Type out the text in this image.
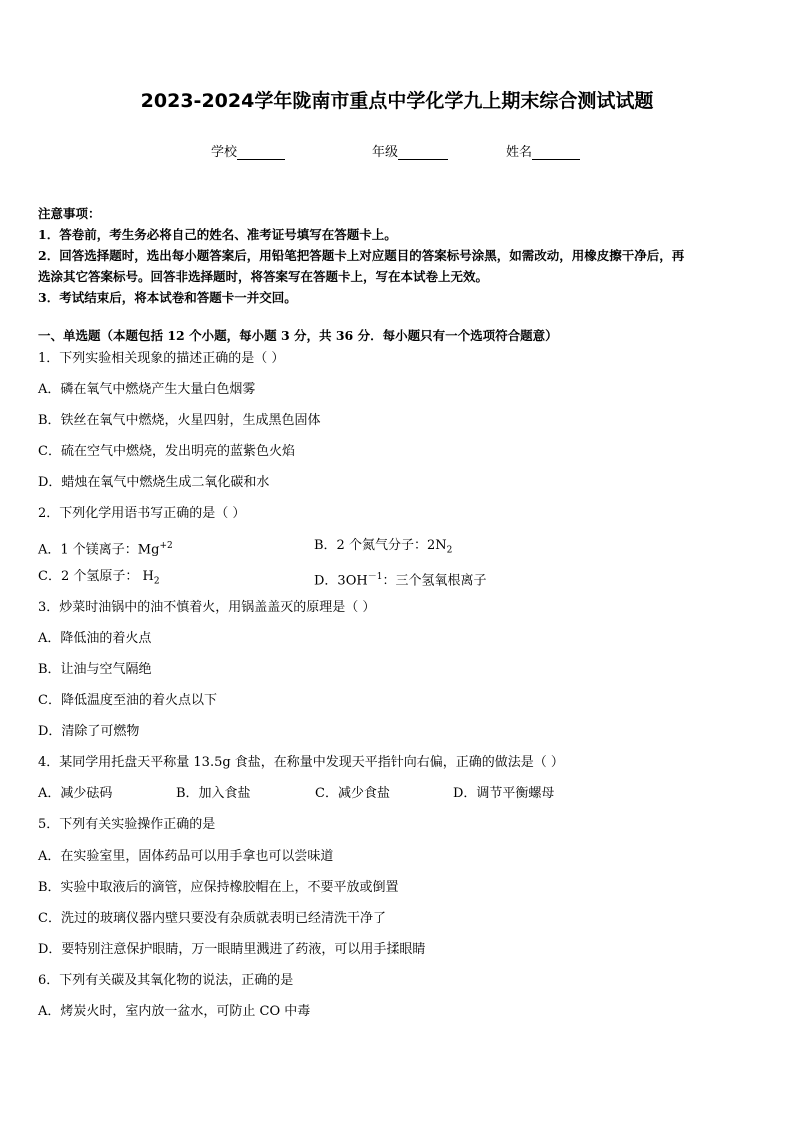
2023-2024学年陇南市重点中学化学九上期末综合测试试题
学校	年级	姓名

注意事项：

1．答卷前，考生务必将自己的姓名、准考证号填写在答题卡上。

2．回答选择题时，选出每小题答案后，用铅笔把答题卡上对应题目的答案标号涂黑，如需改动，用橡皮擦干净后，再

选涂其它答案标号。回答非选择题时，将答案写在答题卡上，写在本试卷上无效。

3．考试结束后，将本试卷和答题卡一并交回。

一、单选题（本题包括 12 个小题，每小题 3 分，共 36 分．每小题只有一个选项符合题意）
1．下列实验相关现象的描述正确的是（ ）
A．磷在氧气中燃烧产生大量白色烟雾
B．铁丝在氧气中燃烧，火星四射，生成黑色固体
C．硫在空气中燃烧，发出明亮的蓝紫色火焰
D．蜡烛在氧气中燃烧生成二氧化碳和水
2．下列化学用语书写正确的是（ ）
A．1 个镁离子：$Mg^{+2}$	B．2 个氮气分子：$2N_2$
C．2 个氢原子： $H_2$	D．$3OH^{-1}$：三个氢氧根离子
3．炒菜时油锅中的油不慎着火，用锅盖盖灭的原理是（ ）
A．降低油的着火点
B．让油与空气隔绝
C．降低温度至油的着火点以下
D．清除了可燃物
4．某同学用托盘天平称量 13.5g 食盐，在称量中发现天平指针向右偏，正确的做法是（ ）
A．减少砝码	B．加入食盐	C．减少食盐	D．调节平衡螺母
5．下列有关实验操作正确的是
A．在实验室里，固体药品可以用手拿也可以尝味道
B．实验中取液后的滴管，应保持橡胶帽在上，不要平放或倒置
C．洗过的玻璃仪器内壁只要没有杂质就表明已经清洗干净了
D．要特别注意保护眼睛，万一眼睛里溅进了药液，可以用手揉眼睛
6．下列有关碳及其氧化物的说法，正确的是
A．烤炭火时，室内放一盆水，可防止 CO 中毒
